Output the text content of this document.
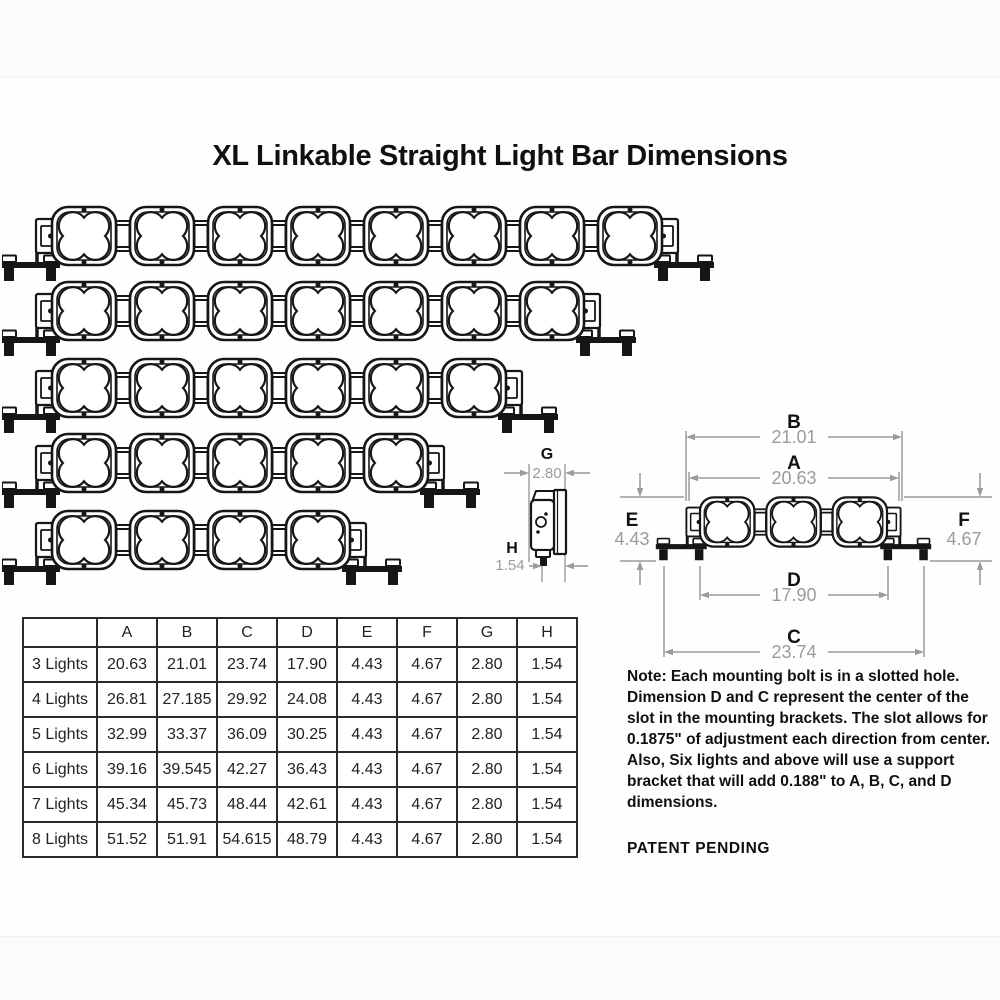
XL Linkable Straight Light Bar Dimensions
G
2.80
H
1.54
B
21.01
A
20.63
D
17.90
C
23.74
E
4.43
F
4.67
	A	B	C	D	E	F	G	H
3 Lights	20.63	21.01	23.74	17.90	4.43	4.67	2.80	1.54
4 Lights	26.81	27.185	29.92	24.08	4.43	4.67	2.80	1.54
5 Lights	32.99	33.37	36.09	30.25	4.43	4.67	2.80	1.54
6 Lights	39.16	39.545	42.27	36.43	4.43	4.67	2.80	1.54
7 Lights	45.34	45.73	48.44	42.61	4.43	4.67	2.80	1.54
8 Lights	51.52	51.91	54.615	48.79	4.43	4.67	2.80	1.54

Note: Each mounting bolt is in a slotted hole. Dimension D and C represent the center of the slot in the mounting brackets. The slot allows for 0.1875" of adjustment each direction from center. Also, Six lights and above will use a support bracket that will add 0.188" to A, B, C, and D dimensions.

PATENT PENDING
